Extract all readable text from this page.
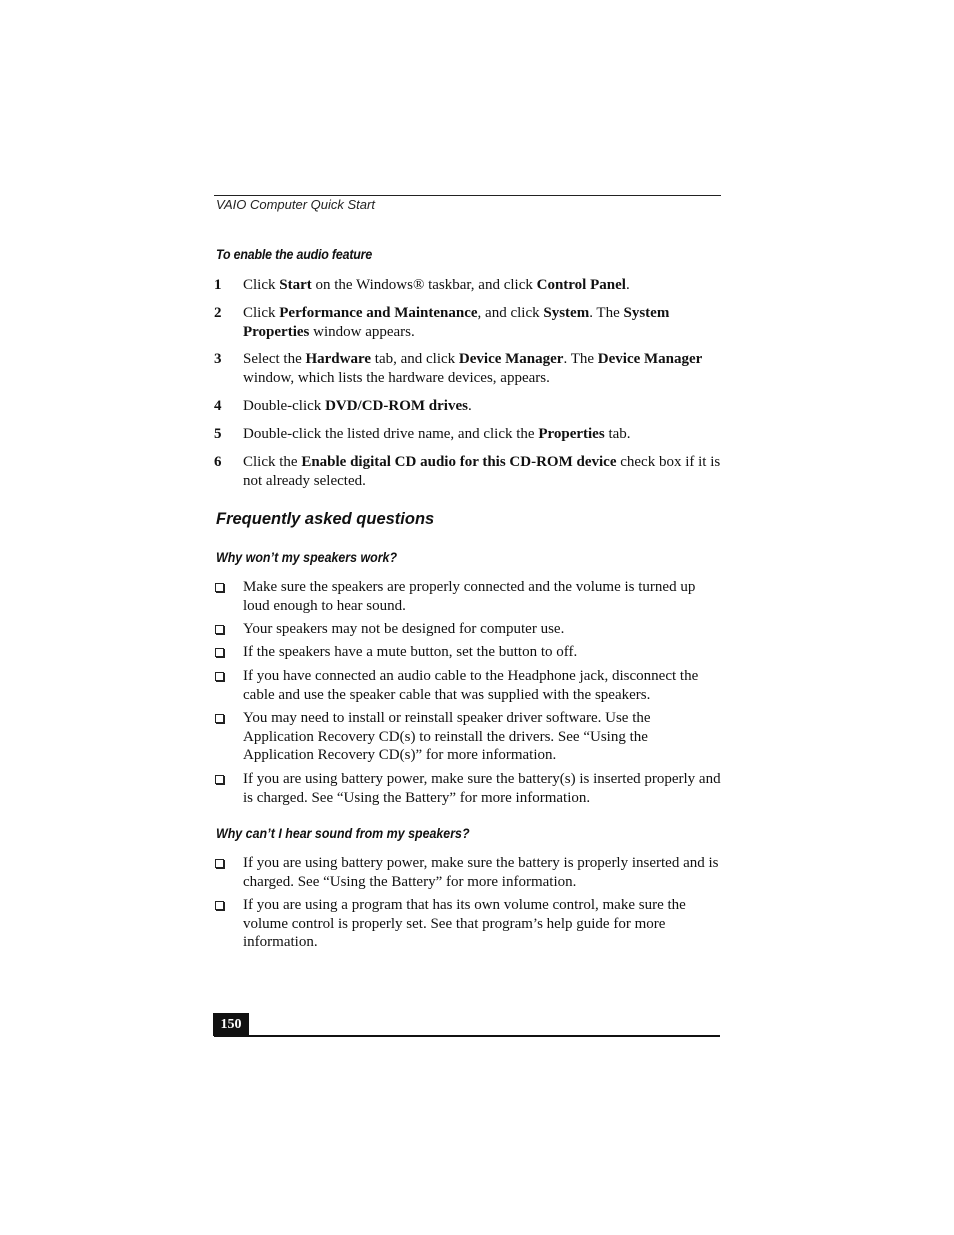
VAIO Computer Quick Start
To enable the audio feature
1 Click Start on the Windows® taskbar, and click Control Panel.
2 Click Performance and Maintenance, and click System. The System Properties window appears.
3 Select the Hardware tab, and click Device Manager. The Device Manager window, which lists the hardware devices, appears.
4 Double-click DVD/CD-ROM drives.
5 Double-click the listed drive name, and click the Properties tab.
6 Click the Enable digital CD audio for this CD-ROM device check box if it is not already selected.
Frequently asked questions
Why won’t my speakers work?
Make sure the speakers are properly connected and the volume is turned up loud enough to hear sound.
Your speakers may not be designed for computer use.
If the speakers have a mute button, set the button to off.
If you have connected an audio cable to the Headphone jack, disconnect the cable and use the speaker cable that was supplied with the speakers.
You may need to install or reinstall speaker driver software. Use the Application Recovery CD(s) to reinstall the drivers. See “Using the Application Recovery CD(s)” for more information.
If you are using battery power, make sure the battery(s) is inserted properly and is charged. See “Using the Battery” for more information.
Why can’t I hear sound from my speakers?
If you are using battery power, make sure the battery is properly inserted and is charged. See “Using the Battery” for more information.
If you are using a program that has its own volume control, make sure the volume control is properly set. See that program’s help guide for more information.
150
